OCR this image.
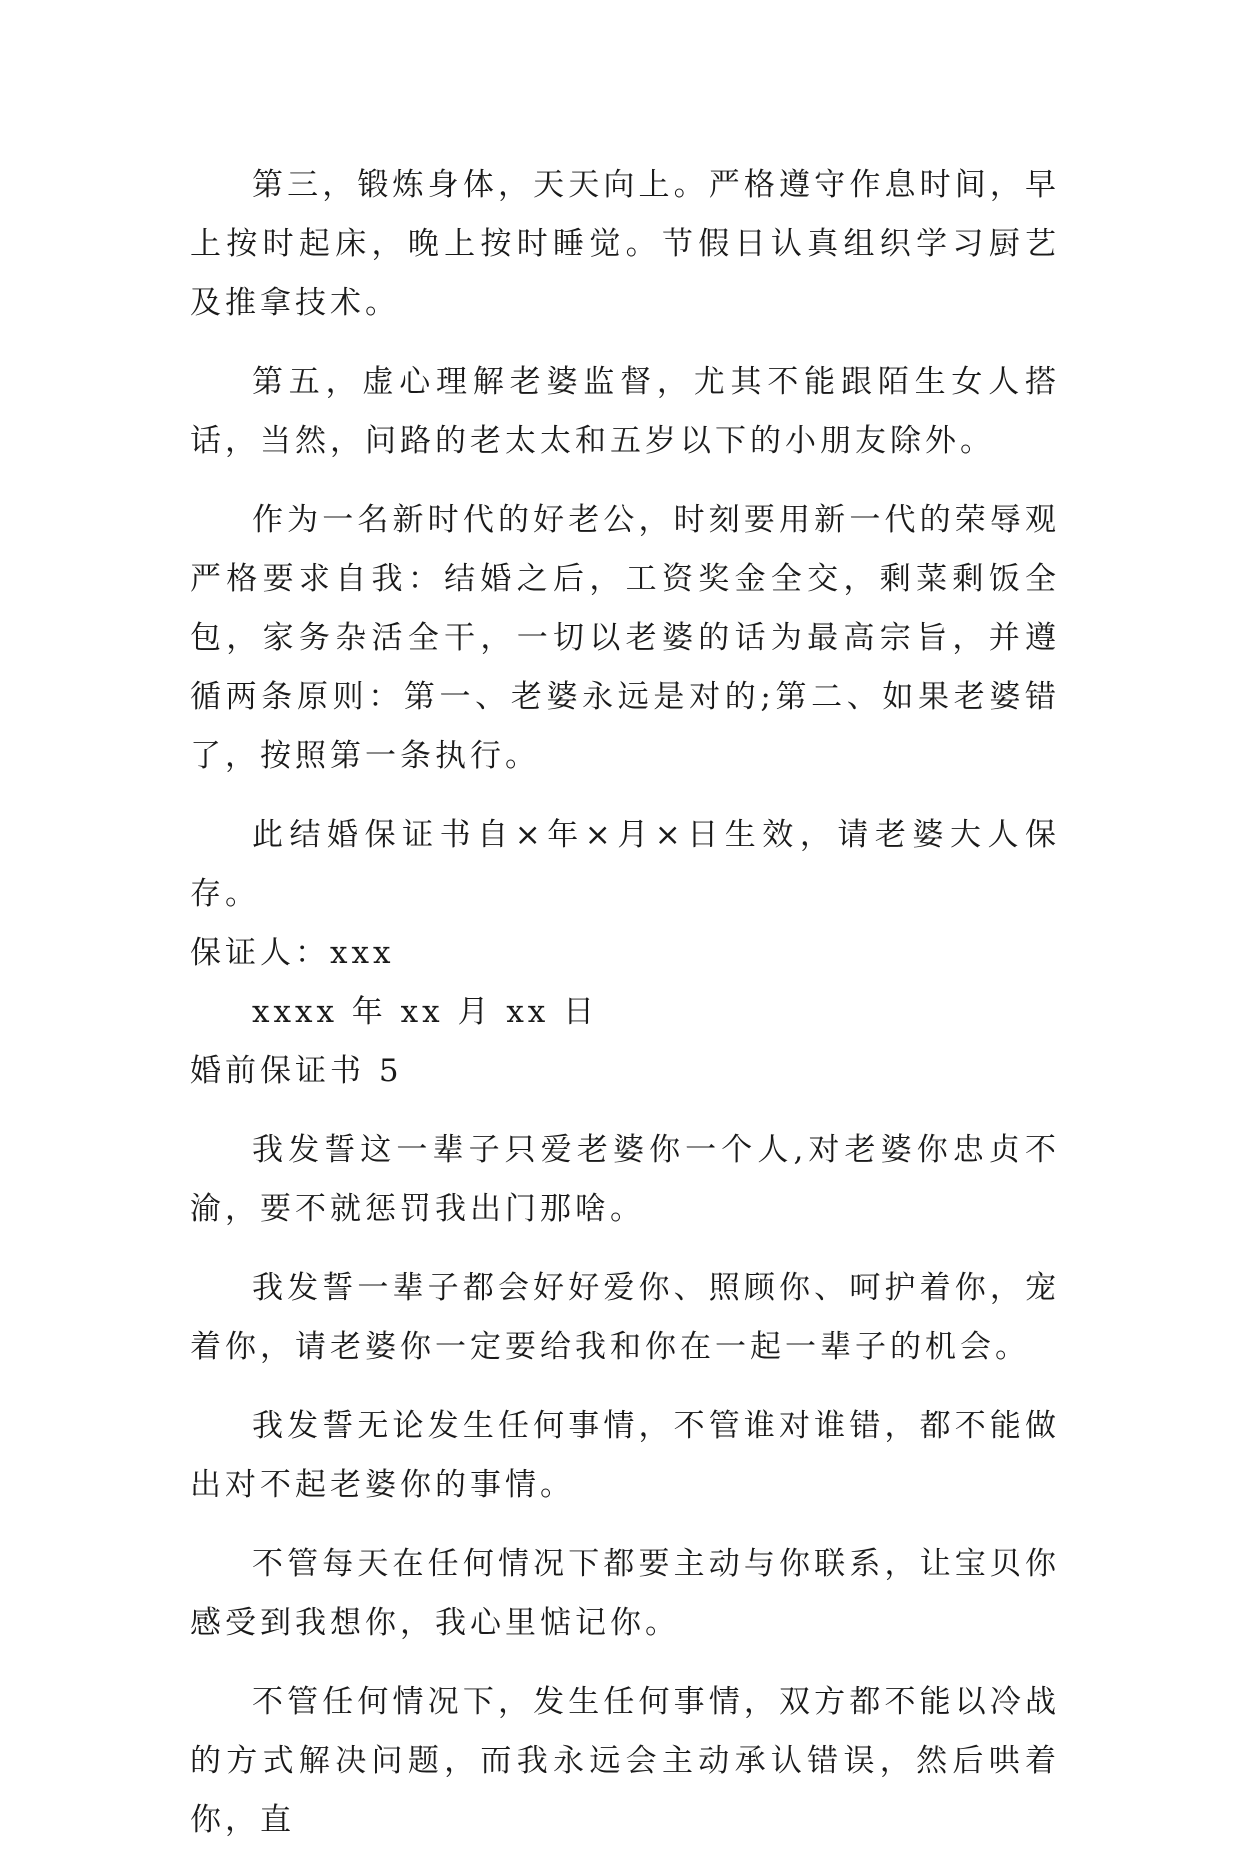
第三，锻炼身体，天天向上。严格遵守作息时间，早上按时起床，晚上按时睡觉。节假日认真组织学习厨艺及推拿技术。

第五，虚心理解老婆监督，尤其不能跟陌生女人搭话，当然，问路的老太太和五岁以下的小朋友除外。

作为一名新时代的好老公，时刻要用新一代的荣辱观严格要求自我：结婚之后，工资奖金全交，剩菜剩饭全包，家务杂活全干，一切以老婆的话为最高宗旨，并遵循两条原则：第一、老婆永远是对的;第二、如果老婆错了，按照第一条执行。

此结婚保证书自×年×月×日生效，请老婆大人保存。

保证人：xxx

xxxx 年 xx 月 xx 日

婚前保证书 5

我发誓这一辈子只爱老婆你一个人,对老婆你忠贞不渝，要不就惩罚我出门那啥。

我发誓一辈子都会好好爱你、照顾你、呵护着你，宠着你，请老婆你一定要给我和你在一起一辈子的机会。

我发誓无论发生任何事情，不管谁对谁错，都不能做出对不起老婆你的事情。

不管每天在任何情况下都要主动与你联系，让宝贝你感受到我想你，我心里惦记你。

不管任何情况下，发生任何事情，双方都不能以冷战的方式解决问题，而我永远会主动承认错误，然后哄着你，直
